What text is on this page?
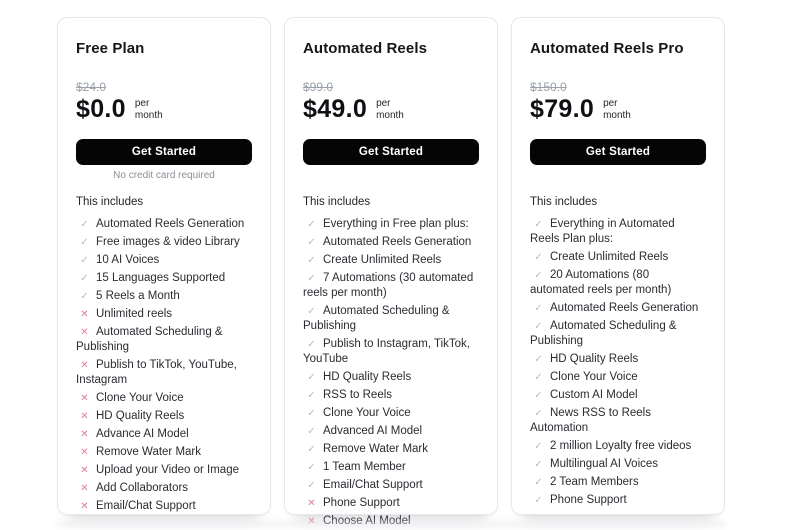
Free Plan
$24.0
$0.0 per
month
Get Started
No credit card required
This includes
✓ Automated Reels Generation
✓ Free images & video Library
✓ 10 AI Voices
✓ 15 Languages Supported
✓ 5 Reels a Month
✕ Unlimited reels
✕ Automated Scheduling & Publishing
✕ Publish to TikTok, YouTube, Instagram
✕ Clone Your Voice
✕ HD Quality Reels
✕ Advance AI Model
✕ Remove Water Mark
✕ Upload your Video or Image
✕ Add Collaborators
✕ Email/Chat Support
Automated Reels
$99.0
$49.0 per
month
Get Started
This includes
✓ Everything in Free plan plus:
✓ Automated Reels Generation
✓ Create Unlimited Reels
✓ 7 Automations (30 automated reels per month)
✓ Automated Scheduling & Publishing
✓ Publish to Instagram, TikTok, YouTube
✓ HD Quality Reels
✓ RSS to Reels
✓ Clone Your Voice
✓ Advanced AI Model
✓ Remove Water Mark
✓ 1 Team Member
✓ Email/Chat Support
✕ Phone Support
Automated Reels Pro
$150.0
$79.0 per
month
Get Started
This includes
✓ Everything in Automated Reels Plan plus:
✓ Create Unlimited Reels
✓ 20 Automations (80 automated reels per month)
✓ Automated Reels Generation
✓ Automated Scheduling & Publishing
✓ HD Quality Reels
✓ Clone Your Voice
✓ Custom AI Model
✓ News RSS to Reels Automation
✓ 2 million Loyalty free videos
✓ Multilingual AI Voices
✓ 2 Team Members
✓ Phone Support
